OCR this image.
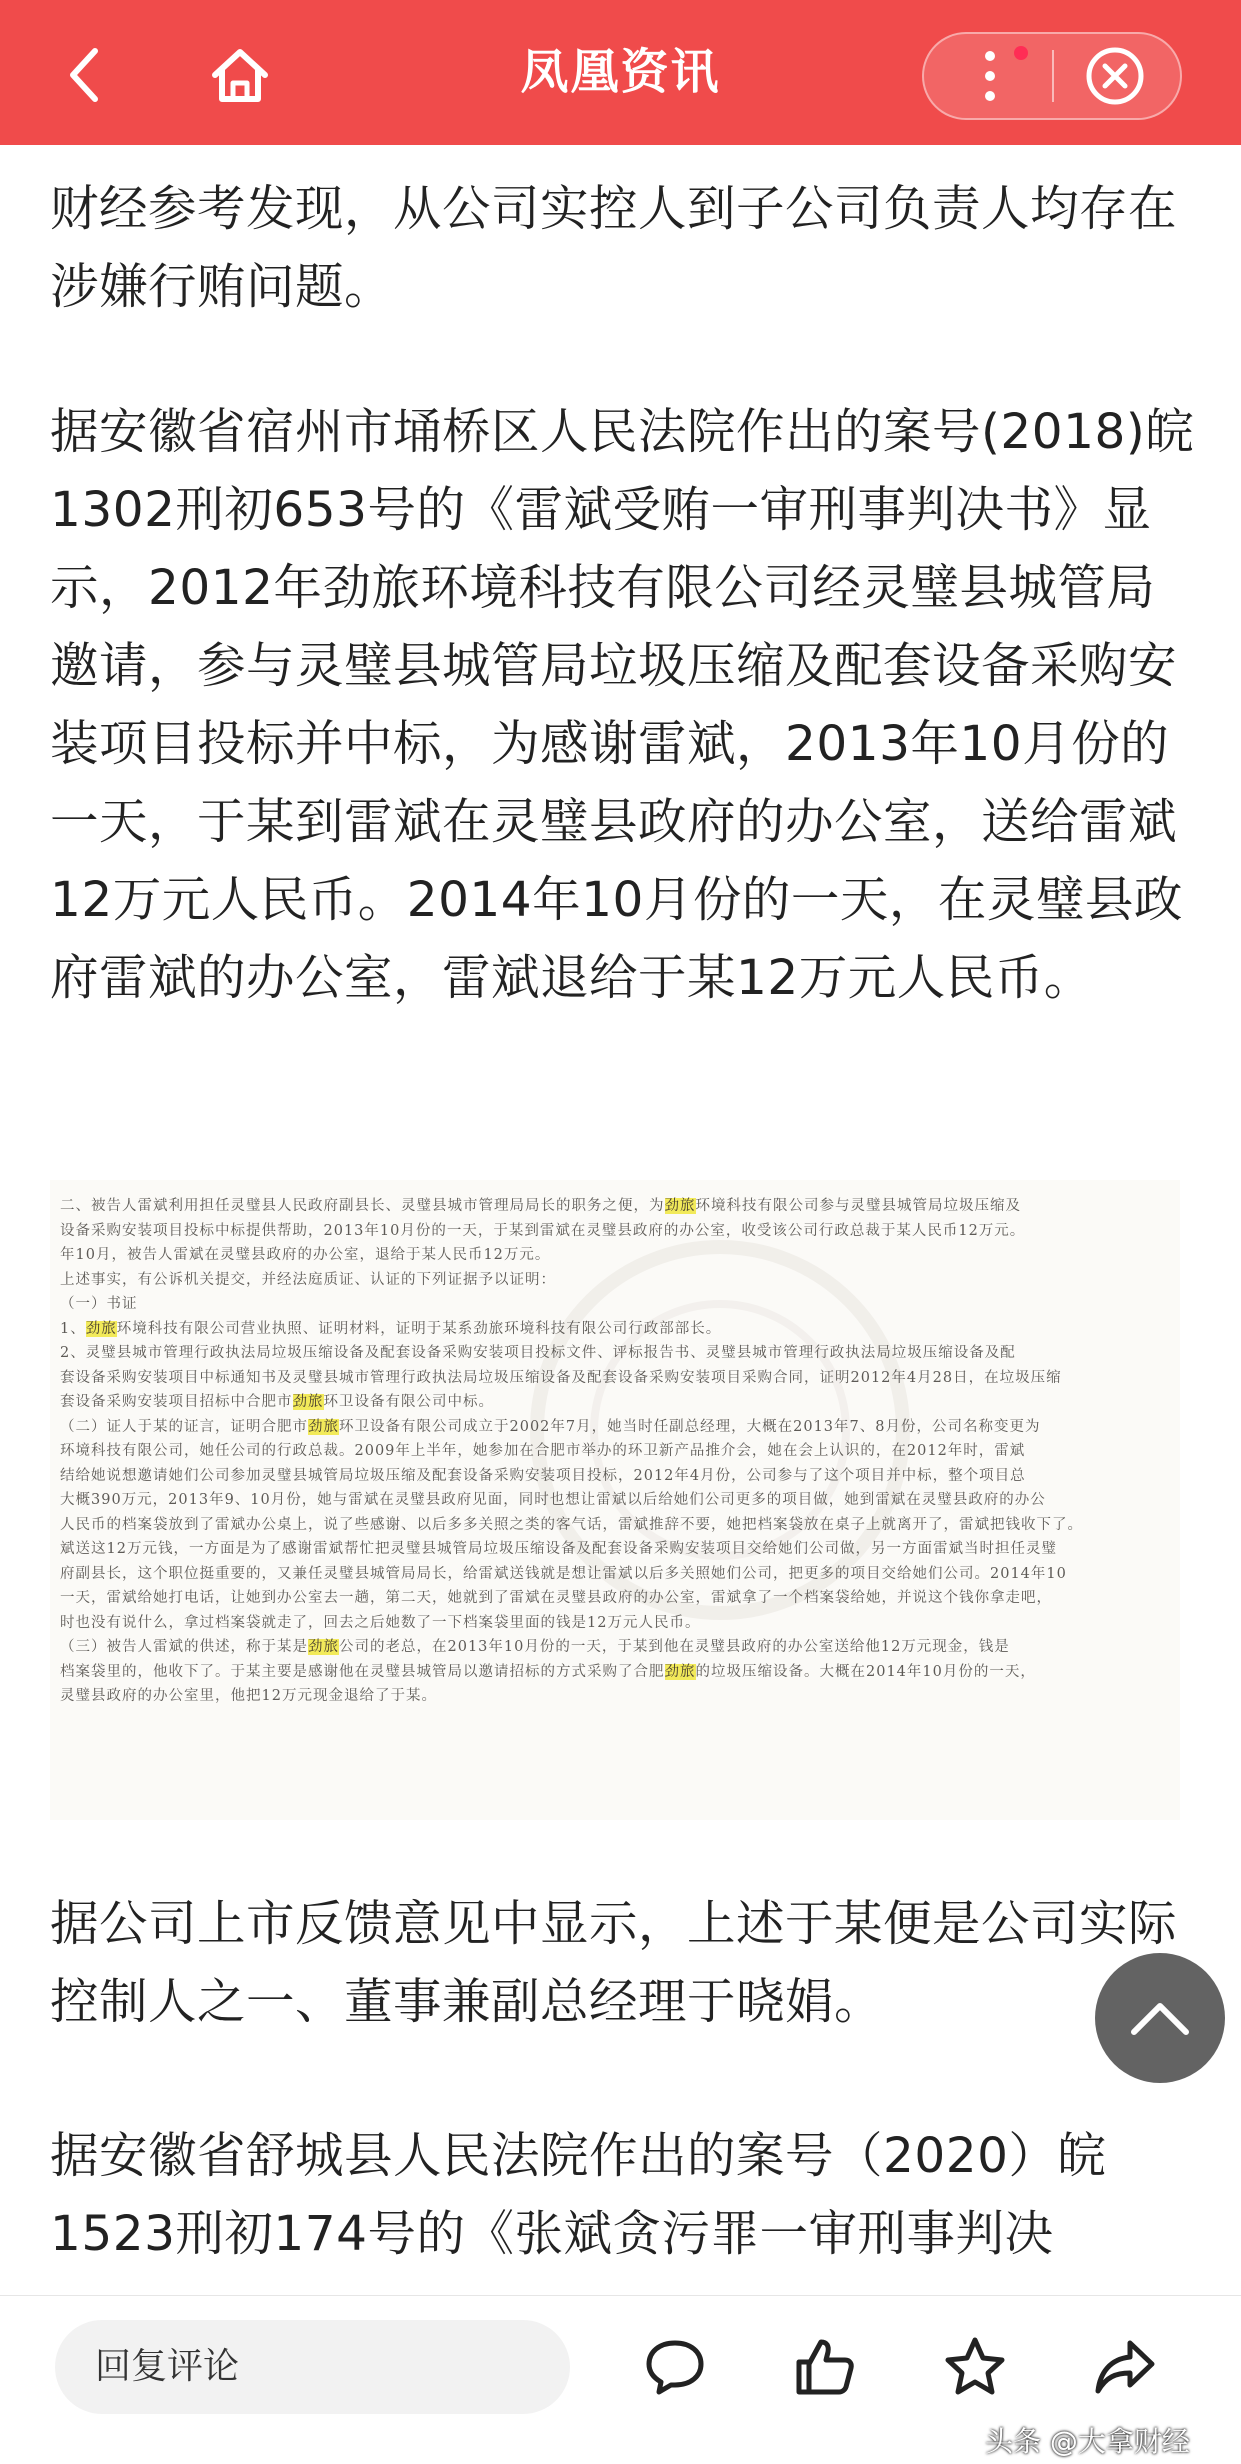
凤凰资讯

财经参考发现，从公司实控人到子公司负责人均存在涉嫌行贿问题。

据安徽省宿州市埇桥区人民法院作出的案号(2018)皖1302刑初653号的《雷斌受贿一审刑事判决书》显示，2012年劲旅环境科技有限公司经灵璧县城管局邀请，参与灵璧县城管局垃圾压缩及配套设备采购安装项目投标并中标，为感谢雷斌，2013年10月份的一天，于某到雷斌在灵璧县政府的办公室，送给雷斌12万元人民币。2014年10月份的一天，在灵璧县政府雷斌的办公室，雷斌退给于某12万元人民币。

据公司上市反馈意见中显示，上述于某便是公司实际控制人之一、董事兼副总经理于晓娟。

据安徽省舒城县人民法院作出的案号（2020）皖1523刑初174号的《张斌贪污罪一审刑事判决

二、被告人雷斌利用担任灵璧县人民政府副县长、灵璧县城市管理局局长的职务之便，为劲旅环境科技有限公司参与灵璧县城管局垃圾压缩及
设备采购安装项目投标中标提供帮助，2013年10月份的一天，于某到雷斌在灵璧县政府的办公室，收受该公司行政总裁于某人民币12万元。
年10月，被告人雷斌在灵璧县政府的办公室，退给于某人民币12万元。
上述事实，有公诉机关提交，并经法庭质证、认证的下列证据予以证明：
（一）书证
1、劲旅环境科技有限公司营业执照、证明材料，证明于某系劲旅环境科技有限公司行政部部长。
2、灵璧县城市管理行政执法局垃圾压缩设备及配套设备采购安装项目投标文件、评标报告书、灵璧县城市管理行政执法局垃圾压缩设备及配
套设备采购安装项目中标通知书及灵璧县城市管理行政执法局垃圾压缩设备及配套设备采购安装项目采购合同，证明2012年4月28日，在垃圾压缩
套设备采购安装项目招标中合肥市劲旅环卫设备有限公司中标。
（二）证人于某的证言，证明合肥市劲旅环卫设备有限公司成立于2002年7月，她当时任副总经理，大概在2013年7、8月份，公司名称变更为
环境科技有限公司，她任公司的行政总裁。2009年上半年，她参加在合肥市举办的环卫新产品推介会，她在会上认识的，在2012年时，雷斌
结给她说想邀请她们公司参加灵璧县城管局垃圾压缩及配套设备采购安装项目投标，2012年4月份，公司参与了这个项目并中标，整个项目总
大概390万元，2013年9、10月份，她与雷斌在灵璧县政府见面，同时也想让雷斌以后给她们公司更多的项目做，她到雷斌在灵璧县政府的办公
人民币的档案袋放到了雷斌办公桌上，说了些感谢、以后多多关照之类的客气话，雷斌推辞不要，她把档案袋放在桌子上就离开了，雷斌把钱收下了。
斌送这12万元钱，一方面是为了感谢雷斌帮忙把灵璧县城管局垃圾压缩设备及配套设备采购安装项目交给她们公司做，另一方面雷斌当时担任灵璧
府副县长，这个职位挺重要的，又兼任灵璧县城管局局长，给雷斌送钱就是想让雷斌以后多关照她们公司，把更多的项目交给她们公司。2014年10
一天，雷斌给她打电话，让她到办公室去一趟，第二天，她就到了雷斌在灵璧县政府的办公室，雷斌拿了一个档案袋给她，并说这个钱你拿走吧，
时也没有说什么，拿过档案袋就走了，回去之后她数了一下档案袋里面的钱是12万元人民币。
（三）被告人雷斌的供述，称于某是劲旅公司的老总，在2013年10月份的一天，于某到他在灵璧县政府的办公室送给他12万元现金，钱是
档案袋里的，他收下了。于某主要是感谢他在灵璧县城管局以邀请招标的方式采购了合肥劲旅的垃圾压缩设备。大概在2014年10月份的一天，
灵璧县政府的办公室里，他把12万元现金退给了于某。
回复评论
头条 @大拿财经
